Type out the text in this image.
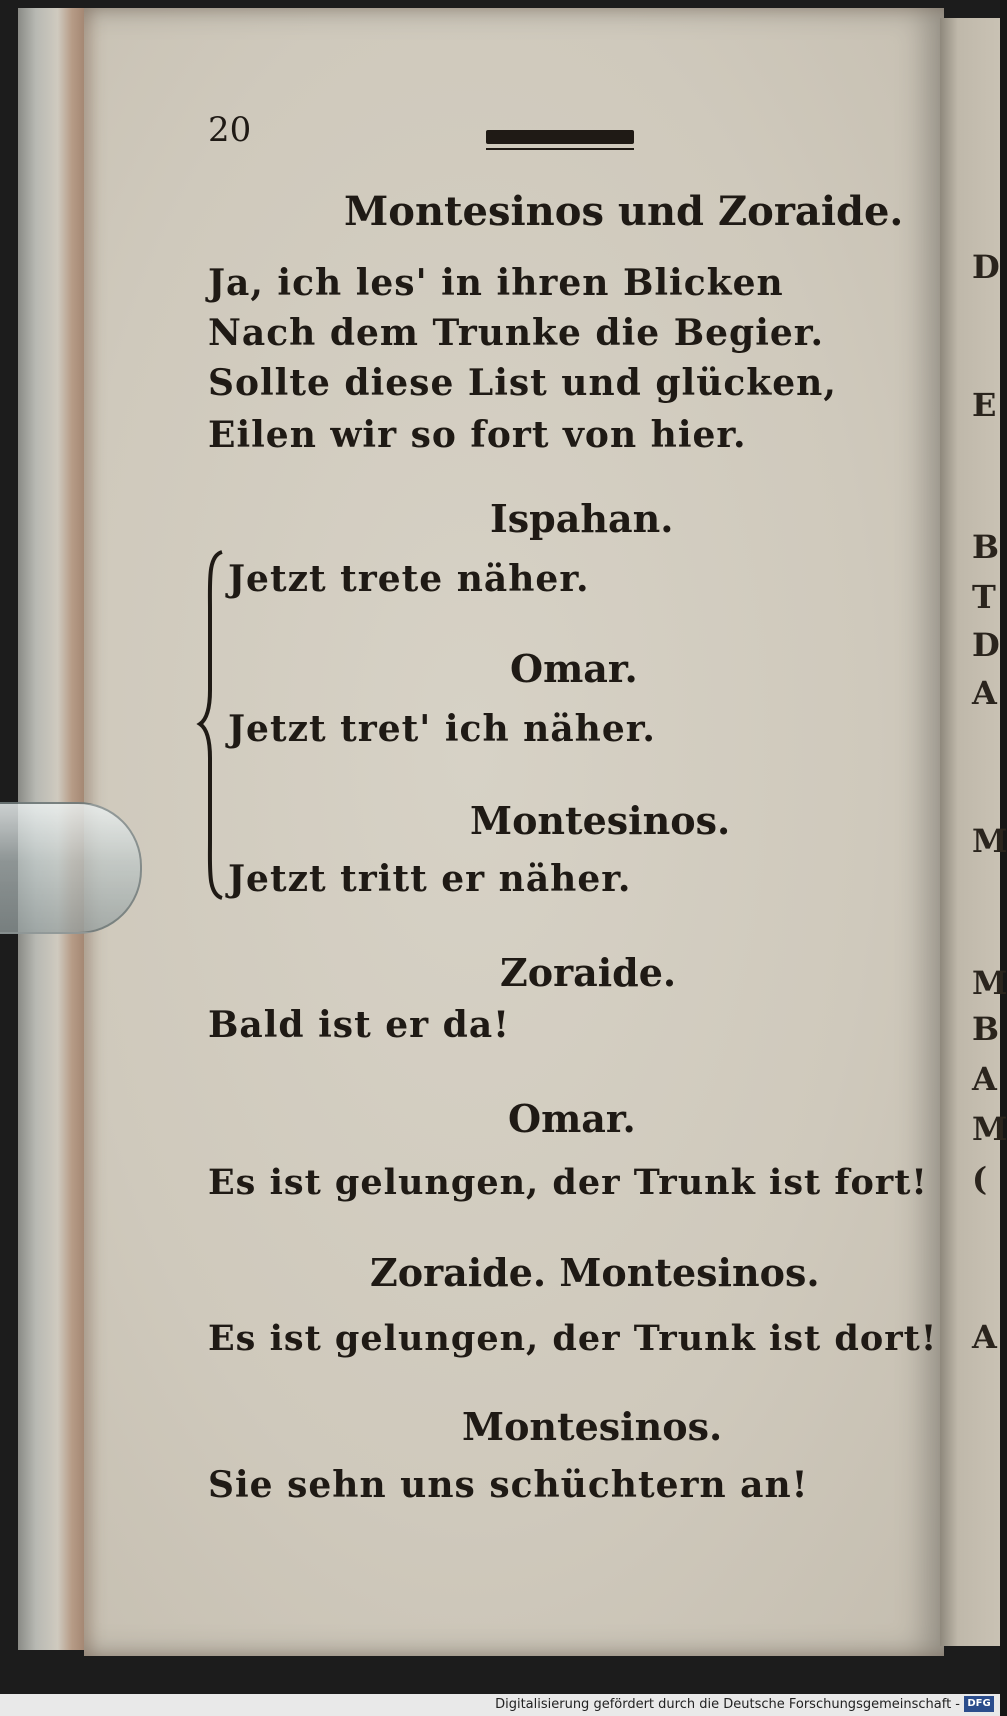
D
E
B
T
D
A
M
M
B
A
M
(
A
20
Montesinos und Zoraide.
Ja, ich les' in ihren Blicken
Nach dem Trunke die Begier.
Sollte diese List und glücken,
Eilen wir so fort von hier.
Ispahan.
Jetzt trete näher.
Omar.
Jetzt tret' ich näher.
Montesinos.
Jetzt tritt er näher.
Zoraide.
Bald ist er da!
Omar.
Es ist gelungen, der Trunk ist fort!
Zoraide. Montesinos.
Es ist gelungen, der Trunk ist dort!
Montesinos.
Sie sehn uns schüchtern an!
Digitalisierung gefördert durch die Deutsche Forschungsgemeinschaft - DFG
